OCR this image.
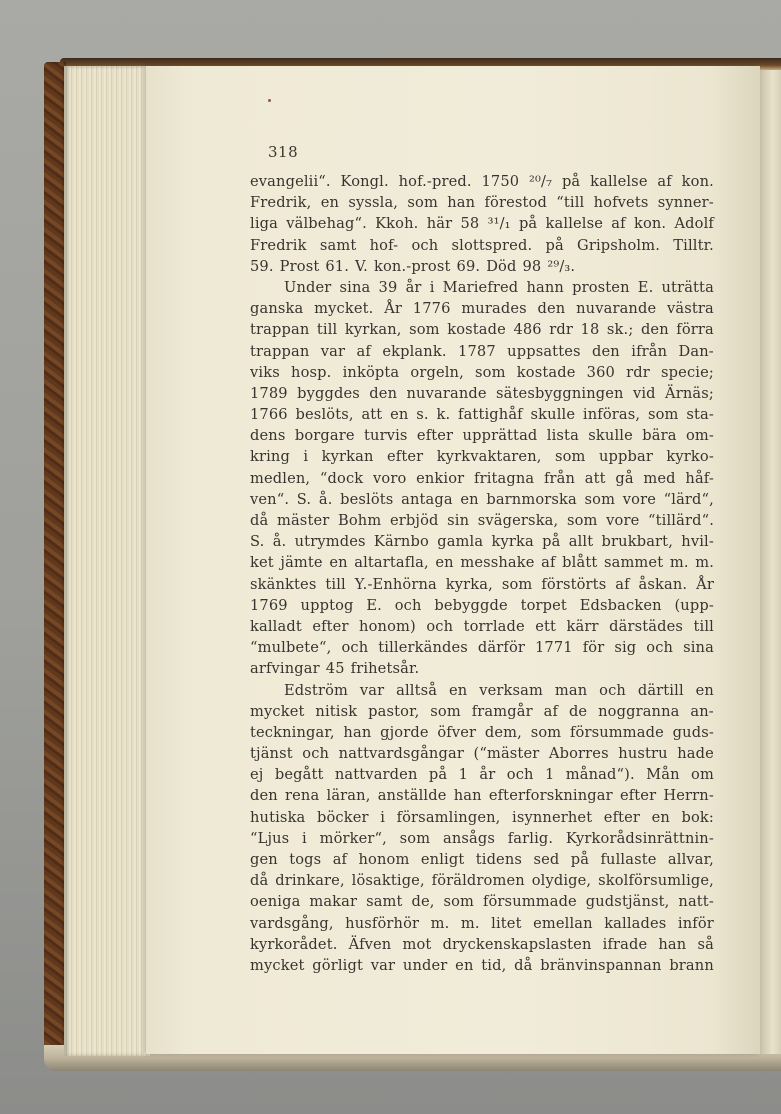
318
evangelii“. Kongl. hof.-pred. 1750 ²⁰/₇ på kallelse af kon.
Fredrik, en syssla, som han förestod “till hofvets synner-
liga välbehag“. Kkoh. här 58 ³¹/₁ på kallelse af kon. Adolf
Fredrik samt hof- och slottspred. på Gripsholm. Tilltr.
59. Prost 61. V. kon.-prost 69. Död 98 ²⁹/₃.
Under sina 39 år i Mariefred hann prosten E. uträtta
ganska mycket. År 1776 murades den nuvarande västra
trappan till kyrkan, som kostade 486 rdr 18 sk.; den förra
trappan var af ekplank. 1787 uppsattes den ifrån Dan-
viks hosp. inköpta orgeln, som kostade 360 rdr specie;
1789 byggdes den nuvarande sätesbyggningen vid Ärnäs;
1766 beslöts, att en s. k. fattighåf skulle införas, som sta-
dens borgare turvis efter upprättad lista skulle bära om-
kring i kyrkan efter kyrkvaktaren, som uppbar kyrko-
medlen, “dock voro enkior fritagna från att gå med håf-
ven“. S. å. beslöts antaga en barnmorska som vore “lärd“,
då mäster Bohm erbjöd sin svägerska, som vore “tillärd“.
S. å. utrymdes Kärnbo gamla kyrka på allt brukbart, hvil-
ket jämte en altartafla, en messhake af blått sammet m. m.
skänktes till Y.-Enhörna kyrka, som förstörts af åskan. År
1769 upptog E. och bebyggde torpet Edsbacken (upp-
kalladt efter honom) och torrlade ett kärr därstädes till
“mulbete“, och tillerkändes därför 1771 för sig och sina
arfvingar 45 frihetsår.
Edström var alltså en verksam man och därtill en
mycket nitisk pastor, som framgår af de noggranna an-
teckningar, han gjorde öfver dem, som försummade guds-
tjänst och nattvardsgångar (“mäster Aborres hustru hade
ej begått nattvarden på 1 år och 1 månad“). Mån om
den rena läran, anställde han efterforskningar efter Herrn-
hutiska böcker i församlingen, isynnerhet efter en bok:
“Ljus i mörker“, som ansågs farlig. Kyrkorådsinrättnin-
gen togs af honom enligt tidens sed på fullaste allvar,
då drinkare, lösaktige, föräldromen olydige, skolförsumlige,
oeniga makar samt de, som försummade gudstjänst, natt-
vardsgång, husförhör m. m. litet emellan kallades inför
kyrkorådet. Äfven mot dryckenskapslasten ifrade han så
mycket görligt var under en tid, då bränvinspannan brann
